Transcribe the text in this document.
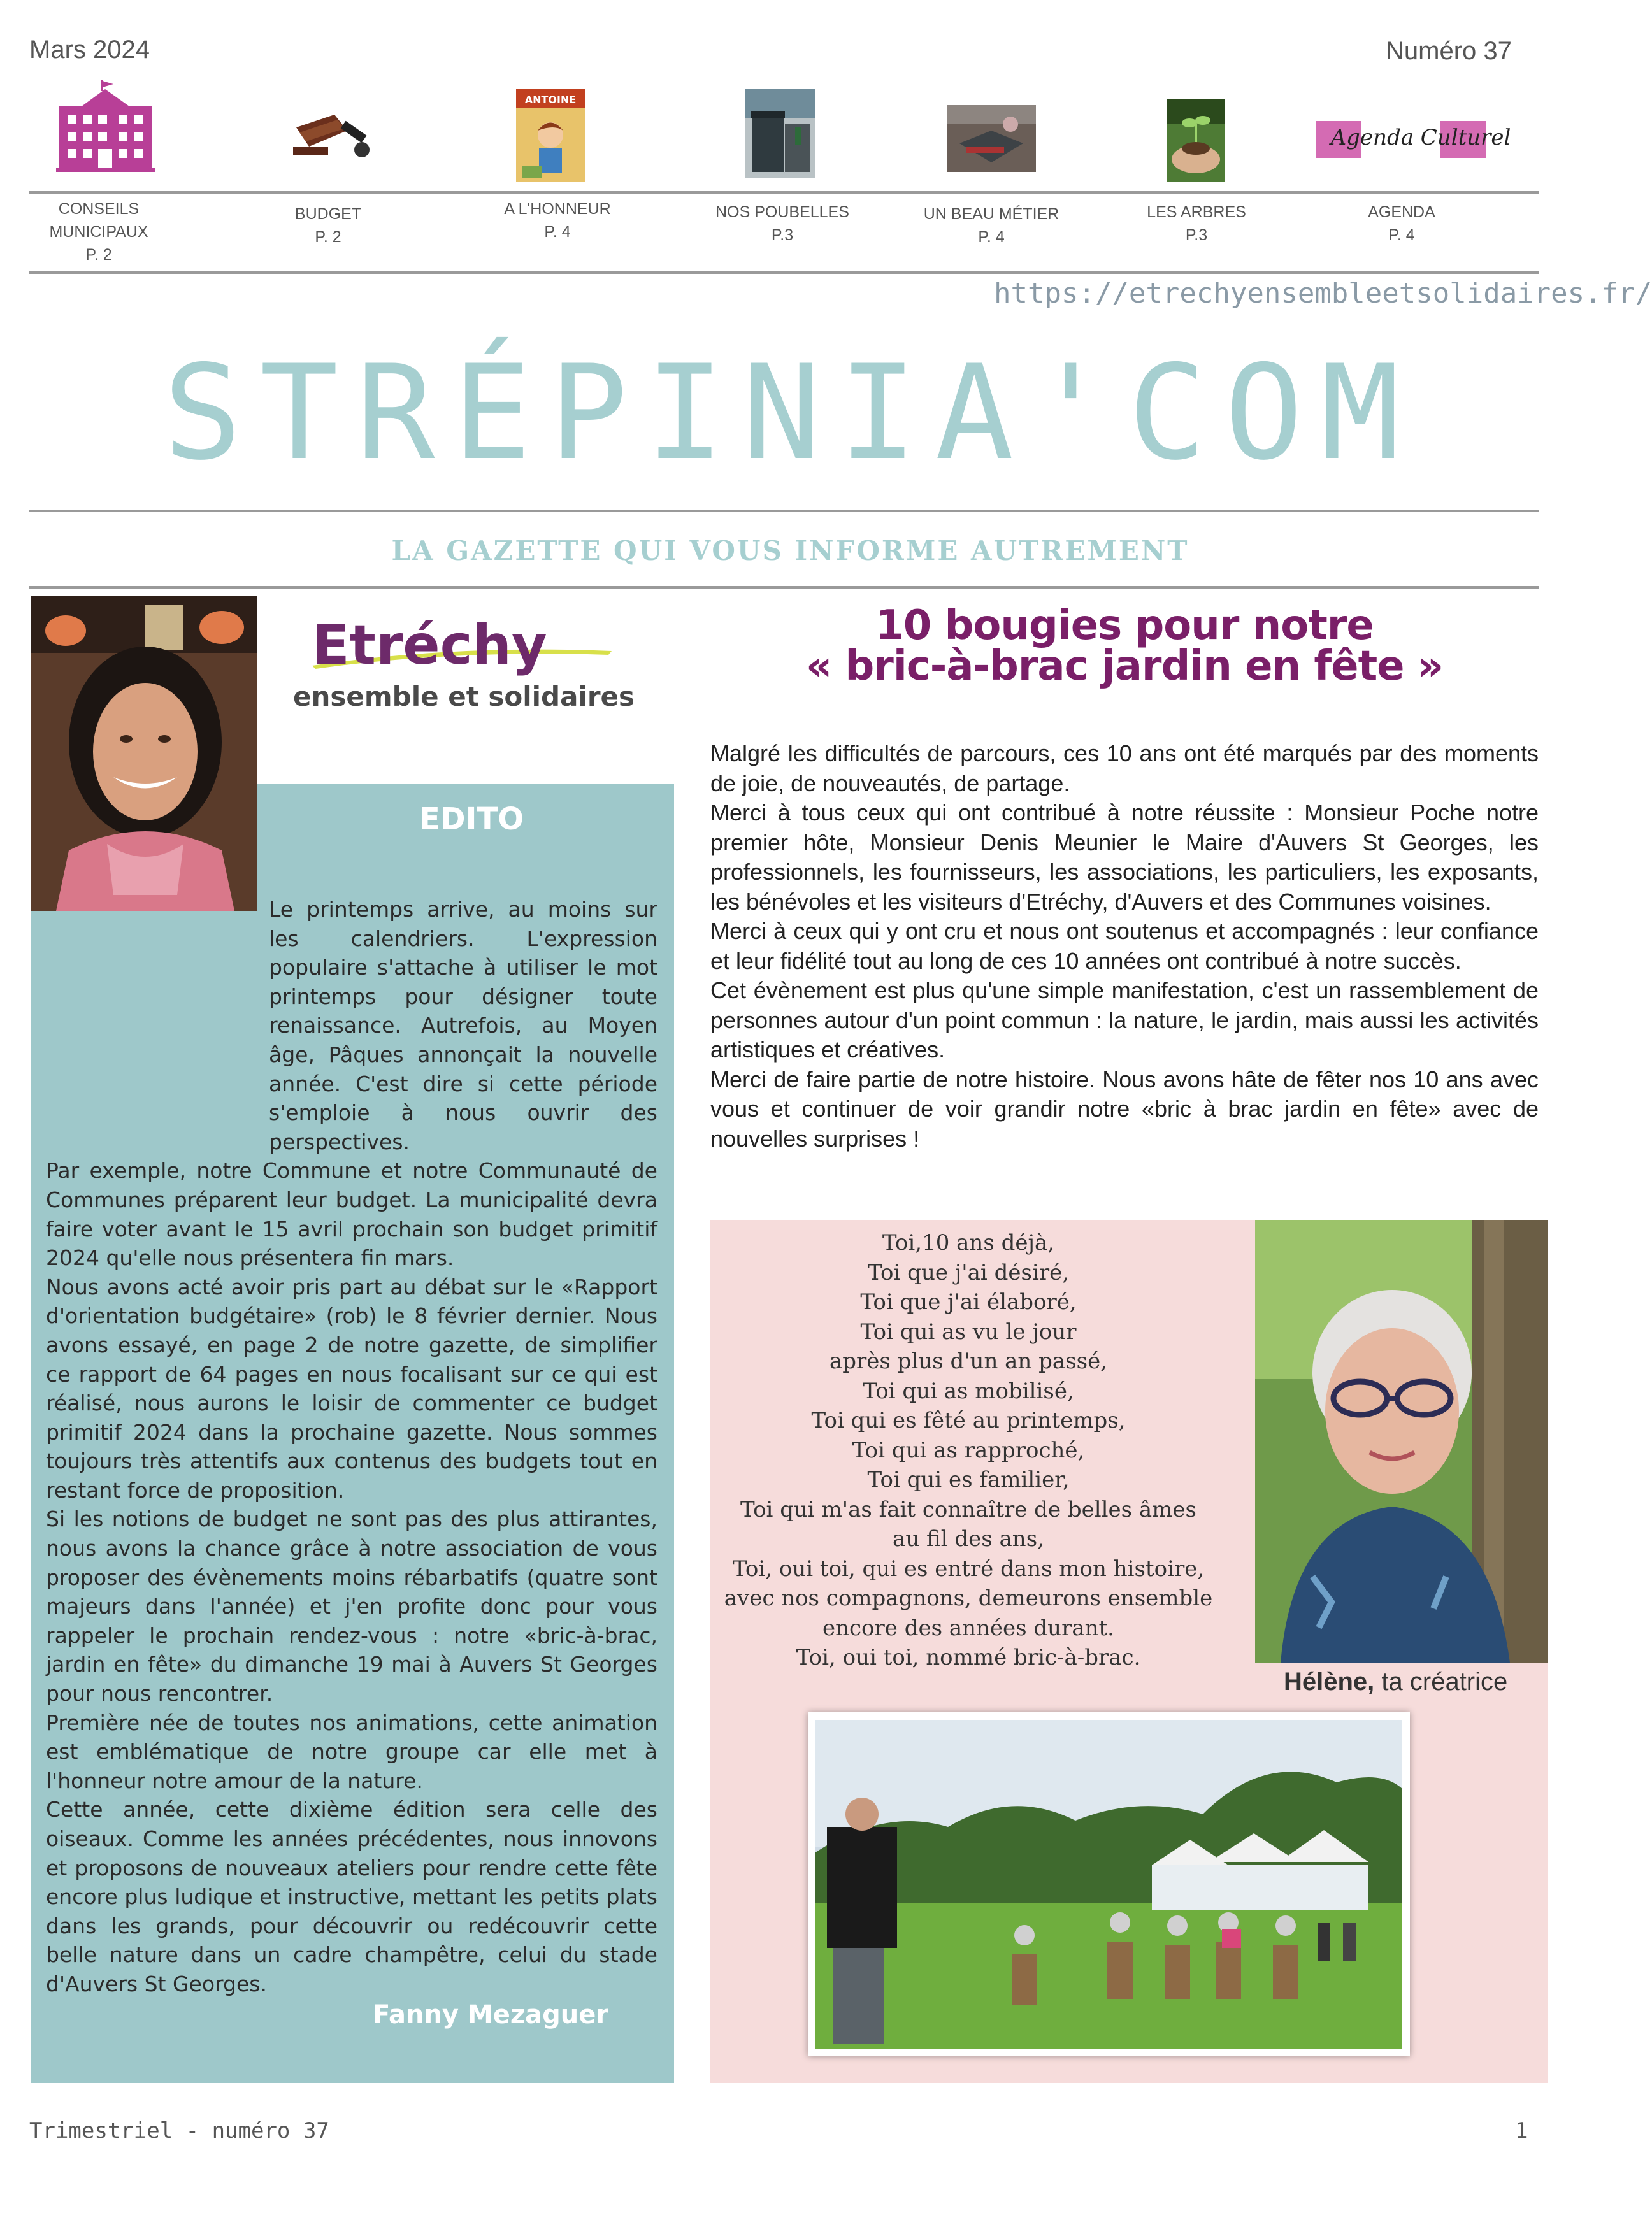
Mars 2024	Numéro 37
ANTOINE
Agenda Culturel
CONSEILS
MUNICIPAUX
P. 2
BUDGET
P. 2
A L'HONNEUR
P. 4
NOS POUBELLES
P.3
UN BEAU MÉTIER
P. 4
LES ARBRES
P.3
AGENDA
P. 4
https://etrechyensembleetsolidaires.fr/
STRÉPINIA'COM
LA GAZETTE QUI VOUS INFORME AUTREMENT
Etréchy
ensemble et solidaires
EDITO

Le printemps arrive, au moins sur les calendriers. L'expression populaire s'attache à utiliser le mot printemps pour désigner toute renaissance. Autrefois, au Moyen âge, Pâques annonçait la nouvelle année. C'est dire si cette période s'emploie à nous ouvrir des perspectives.

Par exemple, notre Commune et notre Communauté de Communes préparent leur budget. La municipalité devra faire voter avant le 15 avril prochain son budget primitif 2024 qu'elle nous présentera fin mars.

Nous avons acté avoir pris part au débat sur le «Rapport d'orientation budgétaire» (rob) le 8 février dernier. Nous avons essayé, en page 2 de notre gazette, de simplifier ce rapport de 64 pages en nous focalisant sur ce qui est réalisé, nous aurons le loisir de commenter ce budget primitif 2024 dans la prochaine gazette. Nous sommes toujours très attentifs aux contenus des budgets tout en restant force de proposition.

Si les notions de budget ne sont pas des plus attirantes, nous avons la chance grâce à notre association de vous proposer des évènements moins rébarbatifs (quatre sont majeurs dans l'année) et j'en profite donc pour vous rappeler le prochain rendez-vous : notre «bric-à-brac, jardin en fête» du dimanche 19 mai à Auvers St Georges pour nous rencontrer.

Première née de toutes nos animations, cette animation est emblématique de notre groupe car elle met à l'honneur notre amour de la nature.

Cette année, cette dixième édition sera celle des oiseaux. Comme les années précédentes, nous innovons et proposons de nouveaux ateliers pour rendre cette fête encore plus ludique et instructive, mettant les petits plats dans les grands, pour découvrir ou redécouvrir cette belle nature dans un cadre champêtre, celui du stade d'Auvers St Georges.

Fanny Mezaguer
10 bougies pour notre
« bric-à-brac jardin en fête »

Malgré les difficultés de parcours, ces 10 ans ont été marqués par des moments de joie, de nouveautés, de partage.

Merci à tous ceux qui ont contribué à notre réussite : Monsieur Poche notre premier hôte, Monsieur Denis Meunier le Maire d'Auvers St Georges, les professionnels, les fournisseurs, les associations, les particuliers, les exposants, les bénévoles et les visiteurs d'Etréchy, d'Auvers et des Communes voisines.

Merci à ceux qui y ont cru et nous ont soutenus et accompagnés : leur confiance et leur fidélité tout au long de ces 10 années ont contribué à notre succès.

Cet évènement est plus qu'une simple manifestation, c'est un rassemblement de personnes autour d'un point commun : la nature, le jardin, mais aussi les activités artistiques et créatives.

Merci de faire partie de notre histoire. Nous avons hâte de fêter nos 10 ans avec vous et continuer de voir grandir notre «bric à brac jardin en fête» avec de nouvelles surprises !

Toi,10 ans déjà,
Toi que j'ai désiré,
Toi que j'ai élaboré,
Toi qui as vu le jour
après plus d'un an passé,
Toi qui as mobilisé,
Toi qui es fêté au printemps,
Toi qui as rapproché,
Toi qui es familier,
Toi qui m'as fait connaître de belles âmes
au fil des ans,
Toi, oui toi, qui es entré dans mon histoire,
avec nos compagnons, demeurons ensemble
encore des années durant.
Toi, oui toi, nommé bric-à-brac.
Hélène, ta créatrice
Trimestriel - numéro 37	1
